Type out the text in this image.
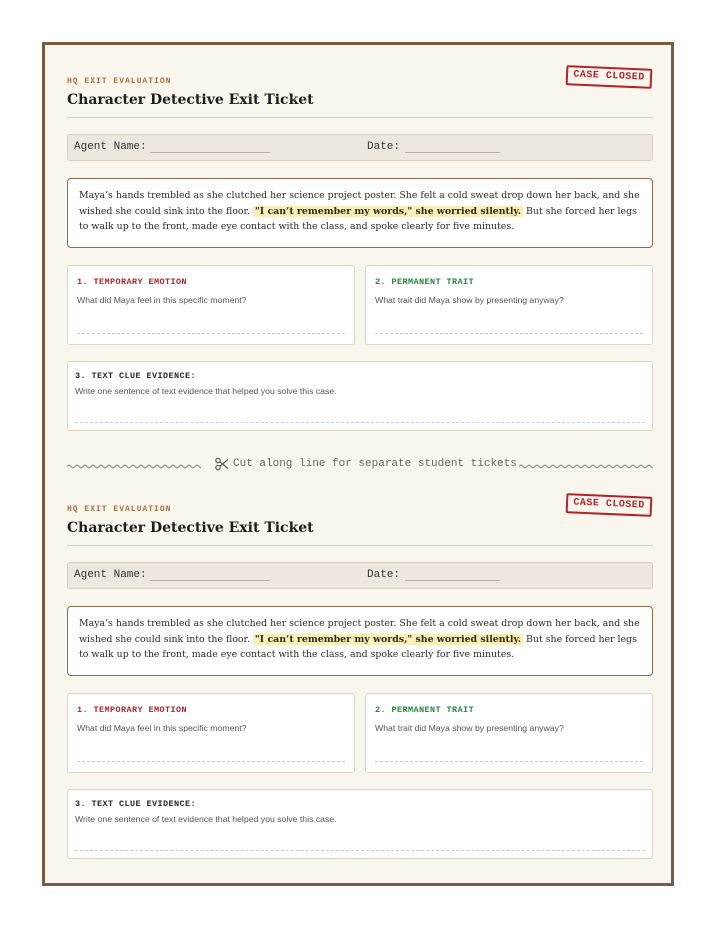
HQ EXIT EVALUATION
Character Detective Exit Ticket
CASE CLOSED
Agent Name:	Date:
Maya’s hands trembled as she clutched her science project poster. She felt a cold sweat drop down her back, and she wished she could sink into the floor. "I can’t remember my words," she worried silently. But she forced her legs to walk up to the front, made eye contact with the class, and spoke clearly for five minutes.
1. TEMPORARY EMOTION
What did Maya feel in this specific moment?
2. PERMANENT TRAIT
What trait did Maya show by presenting anyway?
3. TEXT CLUE EVIDENCE:
Write one sentence of text evidence that helped you solve this case.
Cut along line for separate student tickets
HQ EXIT EVALUATION
Character Detective Exit Ticket
CASE CLOSED
Agent Name:	Date:
Maya’s hands trembled as she clutched her science project poster. She felt a cold sweat drop down her back, and she wished she could sink into the floor. "I can’t remember my words," she worried silently. But she forced her legs to walk up to the front, made eye contact with the class, and spoke clearly for five minutes.
1. TEMPORARY EMOTION
What did Maya feel in this specific moment?
2. PERMANENT TRAIT
What trait did Maya show by presenting anyway?
3. TEXT CLUE EVIDENCE:
Write one sentence of text evidence that helped you solve this case.
